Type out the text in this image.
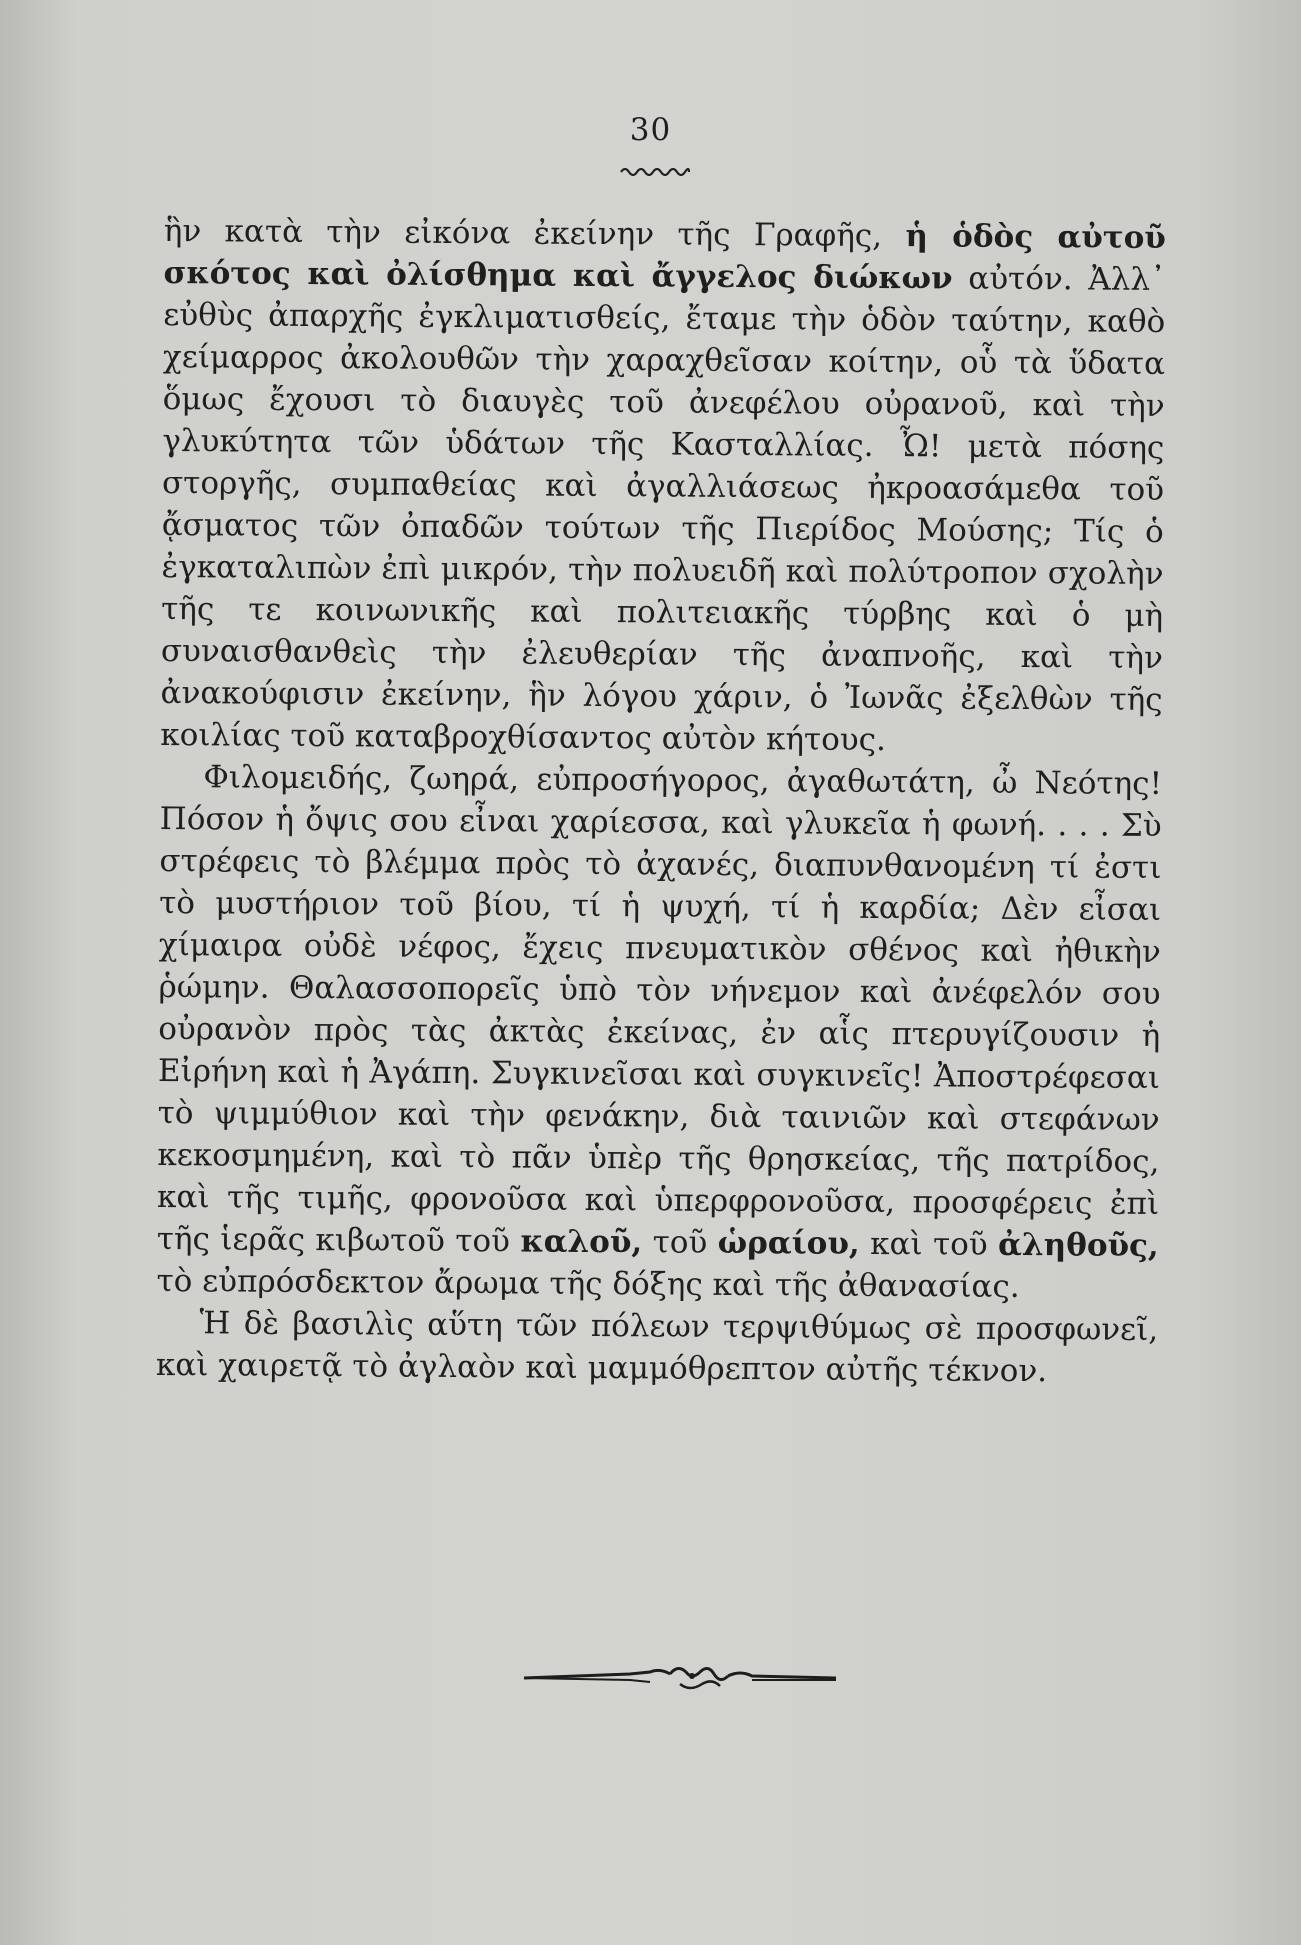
30

ἣν κατὰ τὴν εἰκόνα ἐκείνην τῆς Γραφῆς, ἡ ὁδὸς αὐτοῦ σκότος καὶ ὀλίσθημα καὶ ἄγγελος διώκων αὐτόν. Ἀλλ᾽ εὐθὺς ἀπαρχῆς ἐγκλιματισθείς, ἔταμε τὴν ὁδὸν ταύτην, καθὸ χείμαρρος ἀκολουθῶν τὴν χαραχθεῖσαν κοίτην, οὗ τὰ ὕδατα ὅμως ἔχουσι τὸ διαυγὲς τοῦ ἀνεφέλου οὐρανοῦ, καὶ τὴν γλυκύτητα τῶν ὑδάτων τῆς Κασταλλίας. Ὦ! μετὰ πόσης στοργῆς, συμπαθείας καὶ ἀγαλλιάσεως ἠκροασάμεθα τοῦ ᾄσματος τῶν ὀπαδῶν τούτων τῆς Πιερίδος Μούσης; Τίς ὁ ἐγκαταλιπὼν ἐπὶ μικρόν, τὴν πολυειδῆ καὶ πολύτροπον σχολὴν τῆς τε κοινωνικῆς καὶ πολιτειακῆς τύρβης καὶ ὁ μὴ συναισθανθεὶς τὴν ἐλευθερίαν τῆς ἀναπνοῆς, καὶ τὴν ἀνακούφισιν ἐκείνην, ἣν λόγου χάριν, ὁ Ἰωνᾶς ἐξελθὼν τῆς κοιλίας τοῦ καταβροχθίσαντος αὐτὸν κήτους.

Φιλομειδής, ζωηρά, εὐπροσήγορος, ἀγαθωτάτη, ὦ Νεότης! Πόσον ἡ ὄψις σου εἶναι χαρίεσσα, καὶ γλυκεῖα ἡ φωνή. . . . Σὺ στρέφεις τὸ βλέμμα πρὸς τὸ ἀχανές, διαπυνθανομένη τί ἐστι τὸ μυστήριον τοῦ βίου, τί ἡ ψυχή, τί ἡ καρδία; Δὲν εἶσαι χίμαιρα οὐδὲ νέφος, ἔχεις πνευματικὸν σθένος καὶ ἠθικὴν ῥώμην. Θαλασσοπορεῖς ὑπὸ τὸν νήνεμον καὶ ἀνέφελόν σου οὐρανὸν πρὸς τὰς ἀκτὰς ἐκείνας, ἐν αἷς πτερυγίζουσιν ἡ Εἰρήνη καὶ ἡ Ἀγάπη. Συγκινεῖσαι καὶ συγκινεῖς! Ἀποστρέφεσαι τὸ ψιμμύθιον καὶ τὴν φενάκην, διὰ ταινιῶν καὶ στεφάνων κεκοσμημένη, καὶ τὸ πᾶν ὑπὲρ τῆς θρησκείας, τῆς πατρίδος, καὶ τῆς τιμῆς, φρονοῦσα καὶ ὑπερφρονοῦσα, προσφέρεις ἐπὶ τῆς ἱερᾶς κιβωτοῦ τοῦ καλοῦ, τοῦ ὡραίου, καὶ τοῦ ἀληθοῦς, τὸ εὐπρόσδεκτον ἄρωμα τῆς δόξης καὶ τῆς ἀθανασίας.

Ἡ δὲ βασιλὶς αὕτη τῶν πόλεων τερψιθύμως σὲ προσφωνεῖ, καὶ χαιρετᾷ τὸ ἀγλαὸν καὶ μαμμόθρεπτον αὐτῆς τέκνον.
